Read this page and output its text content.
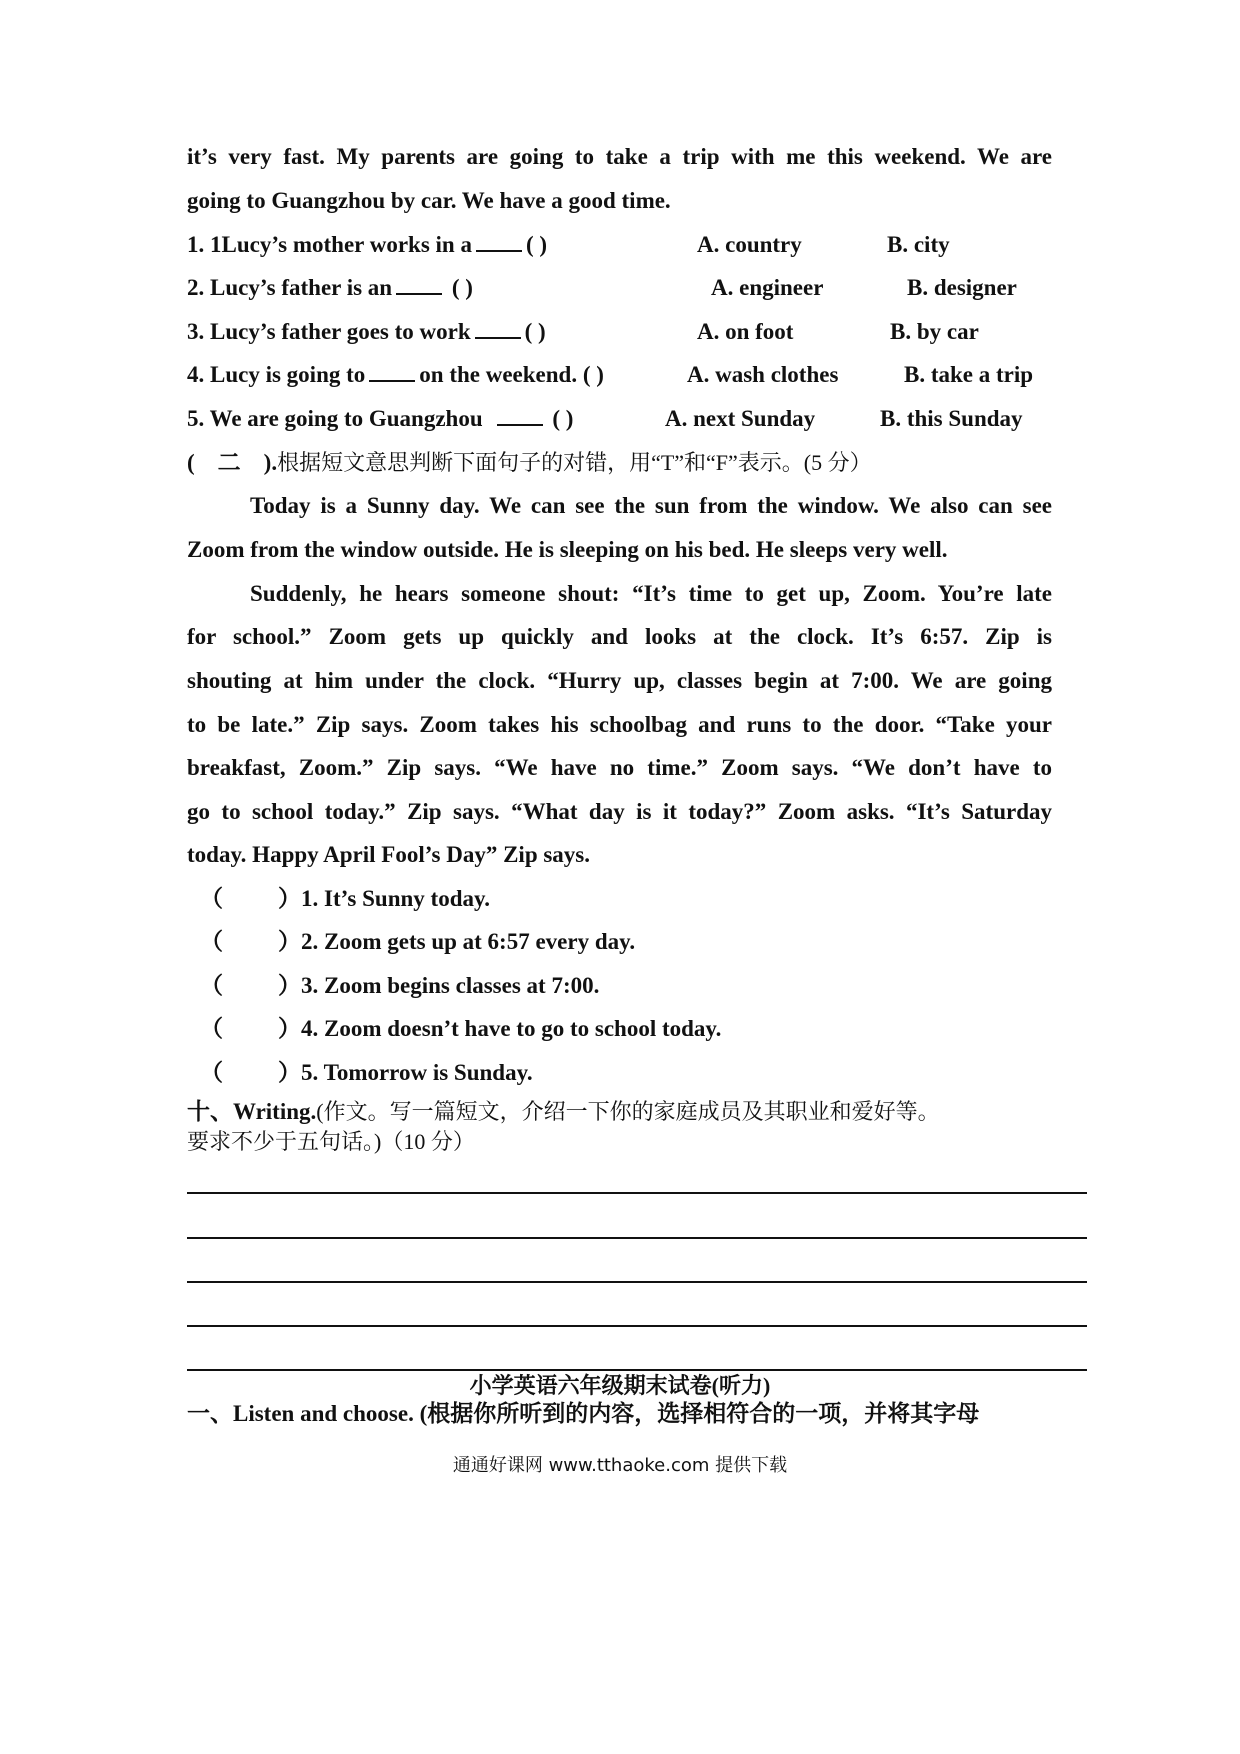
it’s very fast. My parents are going to take a trip with me this weekend. We are
going to Guangzhou by car. We have a good time.
1. 1Lucy’s mother works in a ( )	A. country	B. city
2. Lucy’s father is an	( )	A. engineer	B. designer
3. Lucy’s father goes to work ( )	A. on foot	B. by car
4. Lucy is going to on the weekend. ( )	A. wash clothes	B. take a trip
5. We are going to Guangzhou	( )	A. next Sunday	B. this Sunday
(　二　).根据短文意思判断下面句子的对错，用“T”和“F”表示。(5 分）
Today is a Sunny day. We can see the sun from the window. We also can see
Zoom from the window outside. He is sleeping on his bed. He sleeps very well.
Suddenly, he hears someone shout: “It’s time to get up, Zoom. You’re late
for school.” Zoom gets up quickly and looks at the clock. It’s 6:57. Zip is
shouting at him under the clock. “Hurry up, classes begin at 7:00. We are going
to be late.” Zip says. Zoom takes his schoolbag and runs to the door. “Take your
breakfast, Zoom.” Zip says. “We have no time.” Zoom says. “We don’t have to
go to school today.” Zip says. “What day is it today?” Zoom asks. “It’s Saturday
today. Happy April Fool’s Day” Zip says.
（ ）1. It’s Sunny today.
（ ）2. Zoom gets up at 6:57 every day.
（ ）3. Zoom begins classes at 7:00.
（ ）4. Zoom doesn’t have to go to school today.
（ ）5. Tomorrow is Sunday.
十、Writing.(作文。写一篇短文，介绍一下你的家庭成员及其职业和爱好等。
要求不少于五句话。)（10 分）
小学英语六年级期末试卷(听力)
一、Listen and choose. (根据你所听到的内容，选择相符合的一项，并将其字母
通通好课网 www.tthaoke.com 提供下载
